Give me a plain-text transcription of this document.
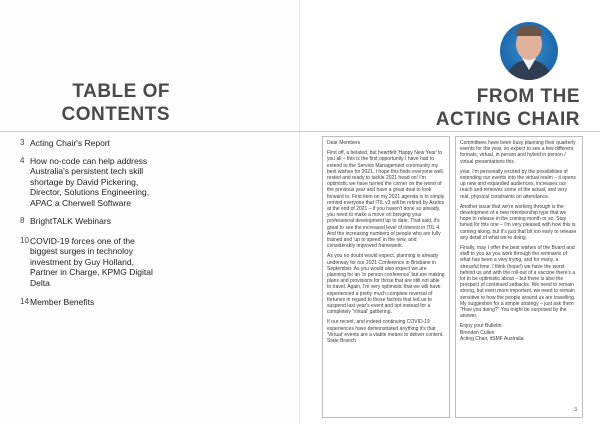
TABLE OF
CONTENTS
3 Acting Chair's Report
4 How no-code can help address Australia's persistent tech skill shortage by David Pickering, Director, Solutions Engineering, APAC a Cherwell Software
8 BrightTALK Webinars
10 COVID-19 forces one of the biggest surges in technoloy investment by Guy Holland, Partner in Charge, KPMG Digital Delta
14 Member Benefits
FROM THE
ACTING CHAIR

Dear Members

First off, a belated, but heartfelt 'Happy New Year' to you all – this is the first opportunity I have had to extend to the Service Management community my best wishes for 2021. I hope this finds everyone well, rested and ready to tackle 2021 head on! I'm optimistic we have turned the corner on the worst of the previous year and have a great deal to look forward to. First item on my 2021 agenda is to simply remind everyone that ITIL v3 will be retired by Axelos at the end of 2021 – if you haven't done so already, you need to make a move on bringing your professional development up to date. That said, it's great to see the increased level of interest in ITIL 4. And the increasing numbers of people who are fully trained and 'up to speed' in the new, and considerably improved framework.

As you no doubt would expect, planning is already underway for our 2021 Conference in Brisbane in September. As you would also expect we are planning for an 'in person conference' but are making plans and provisions for those that are still not able to travel. Again, I'm very optimistic that we will have experienced a pretty much complete reversal of fortunes in regard to those factors that led us to suspend last year's event and opt instead for a completely 'Virtual' gathering.

If our recent, and indeed continuing COVID-19 experiences have demonstrated anything it's that 'Virtual' events are a viable means to deliver content. State Branch

Committees have been busy planning their quarterly events for the year, so expect to see a few different formats, virtual, in person and hybrid in person / virtual presentations this

year. I'm personally excited by the possibilities of extending our events into the virtual realm – it opens up new and expanded audiences, increases our reach and removes some of the actual, and very real, physical constraints on attendance.

Another issue that we're working through is the development of a new membership type that we hope to release in the coming month or so. Stay tuned for this one – I'm very pleased with how this is coming along, but it's just that bit too early to release any detail of what we're doing.

Finally, may I offer the best wishes of the Board and staff to you as you work through the remnants of what has been a very trying, and for many, a stressful time. I think (hope!) we have the worst behind us and with the roll-out of a vaccine there's a lot to be optimistic about – but there is also the prospect of continued setbacks. We need to remain strong, but even more important, we need to remain sensitive to how the people around us are travelling. My suggestion for a simple strategy – just ask them "How you doing?" You might be surprised by the answer.

Enjoy your Bulletin.

Brenden Cullen

Acting Chair, itSMF Australia.

3
